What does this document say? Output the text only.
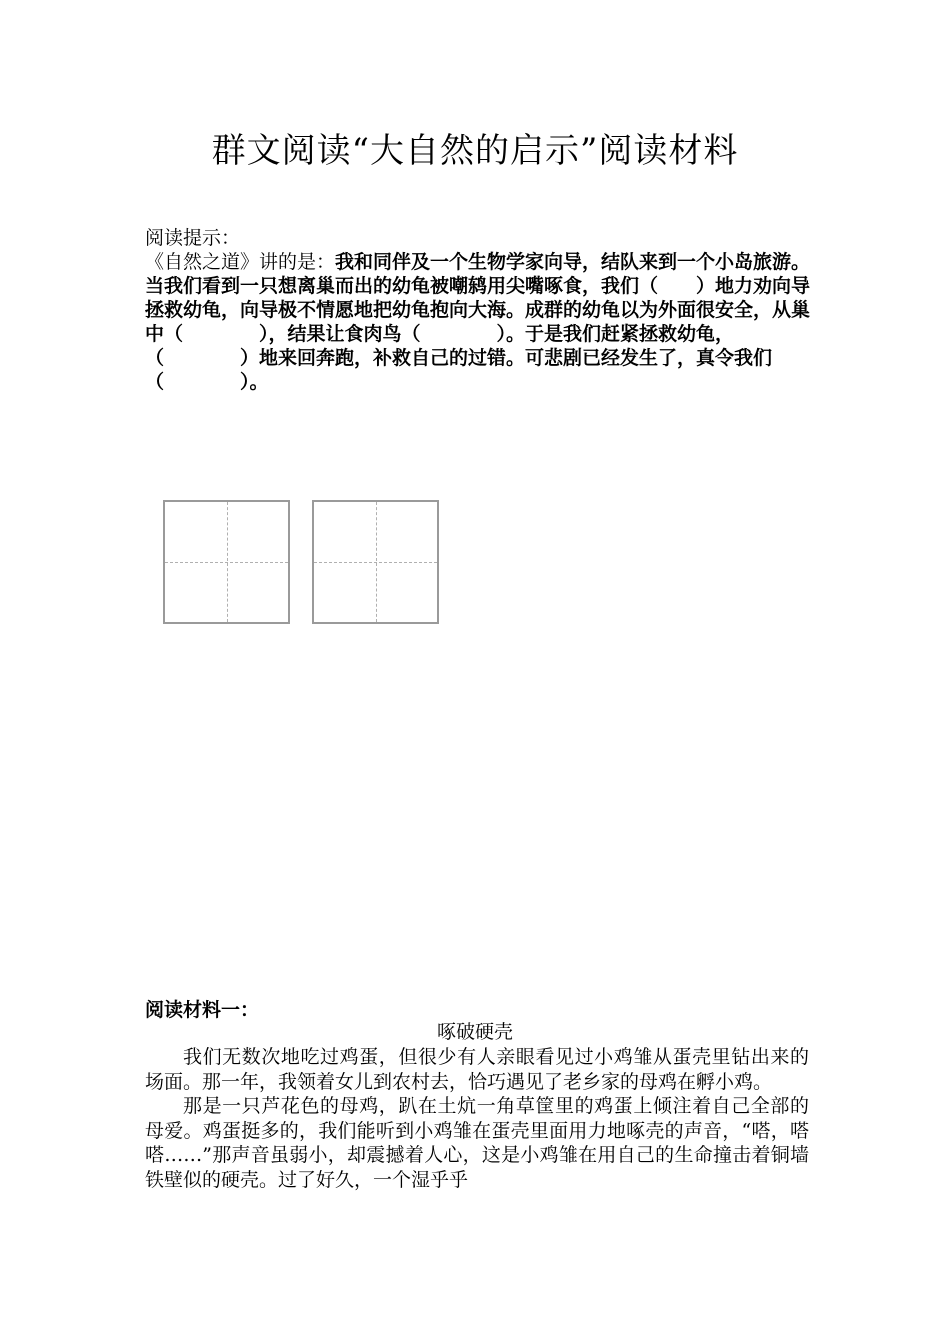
群文阅读“大自然的启示”阅读材料
阅读提示：
《自然之道》讲的是：我和同伴及一个生物学家向导，结队来到一个小岛旅游。当我们看到一只想离巢而出的幼龟被嘲鸫用尖嘴啄食，我们（　　）地力劝向导拯救幼龟，向导极不情愿地把幼龟抱向大海。成群的幼龟以为外面很安全，从巢中（　　　　），结果让食肉鸟（　　　　）。于是我们赶紧拯救幼龟，（　　　　）地来回奔跑，补救自己的过错。可悲剧已经发生了，真令我们（　　　　）。
阅读材料一：
啄破硬壳

我们无数次地吃过鸡蛋，但很少有人亲眼看见过小鸡雏从蛋壳里钻出来的场面。那一年，我领着女儿到农村去，恰巧遇见了老乡家的母鸡在孵小鸡。

那是一只芦花色的母鸡，趴在土炕一角草筐里的鸡蛋上倾注着自己全部的母爱。鸡蛋挺多的，我们能听到小鸡雏在蛋壳里面用力地啄壳的声音，“嗒，嗒嗒……”那声音虽弱小，却震撼着人心，这是小鸡雏在用自己的生命撞击着铜墙铁壁似的硬壳。过了好久，一个湿乎乎
